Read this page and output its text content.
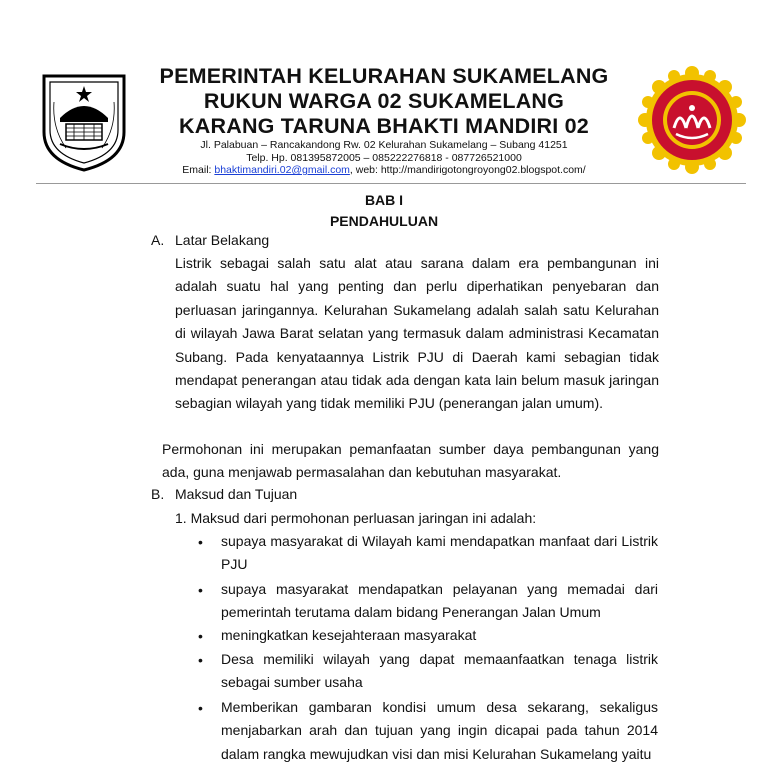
PEMERINTAH KELURAHAN SUKAMELANG
RUKUN WARGA 02 SUKAMELANG
KARANG TARUNA BHAKTI MANDIRI 02
Jl. Palabuan – Rancakandong Rw. 02 Kelurahan Sukamelang – Subang 41251
Telp. Hp. 081395872005 – 085222276818 - 087726521000
Email: bhaktimandiri.02@gmail.com, web: http://mandirigotongroyong02.blogspot.com/
BAB I
PENDAHULUAN
A. Latar Belakang
Listrik sebagai salah satu alat atau sarana dalam era pembangunan ini adalah suatu hal yang penting dan perlu diperhatikan penyebaran dan perluasan jaringannya. Kelurahan Sukamelang adalah salah satu Kelurahan di wilayah Jawa Barat selatan yang termasuk dalam administrasi Kecamatan Subang. Pada kenyataannya Listrik PJU di Daerah kami sebagian tidak mendapat penerangan atau tidak ada dengan kata lain belum masuk jaringan sebagian wilayah yang tidak memiliki PJU (penerangan jalan umum).
Permohonan ini merupakan pemanfaatan sumber daya pembangunan yang ada, guna menjawab permasalahan dan kebutuhan masyarakat.
B. Maksud dan Tujuan
1. Maksud dari permohonan perluasan jaringan ini adalah:
• supaya masyarakat di Wilayah kami mendapatkan manfaat dari Listrik PJU
• supaya masyarakat mendapatkan pelayanan yang memadai dari pemerintah terutama dalam bidang Penerangan Jalan Umum
• meningkatkan kesejahteraan masyarakat
• Desa memiliki wilayah yang dapat memaanfaatkan tenaga listrik sebagai sumber usaha
• Memberikan gambaran kondisi umum desa sekarang, sekaligus menjabarkan arah dan tujuan yang ingin dicapai pada tahun 2014 dalam rangka mewujudkan visi dan misi Kelurahan Sukamelang yaitu
